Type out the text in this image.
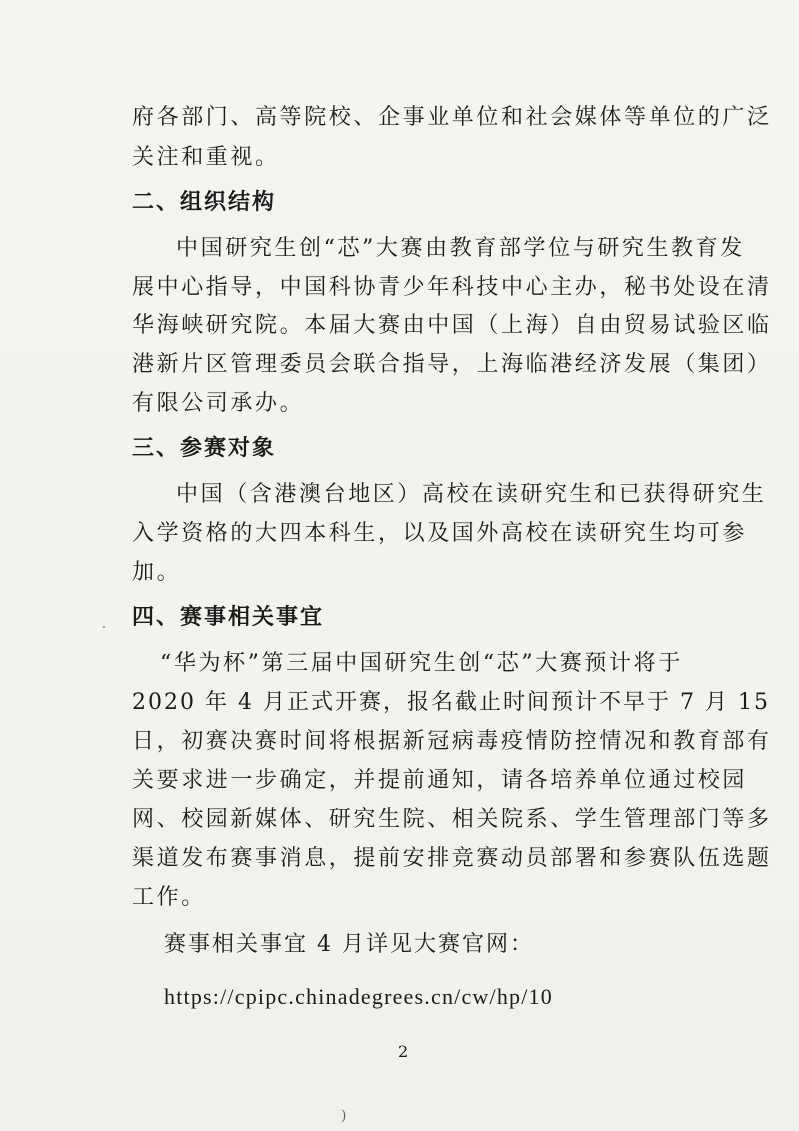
府各部门、高等院校、企事业单位和社会媒体等单位的广泛
关注和重视。
二、组织结构
中国研究生创“芯”大赛由教育部学位与研究生教育发
展中心指导，中国科协青少年科技中心主办，秘书处设在清
华海峡研究院。本届大赛由中国（上海）自由贸易试验区临
港新片区管理委员会联合指导，上海临港经济发展（集团）
有限公司承办。
三、参赛对象
中国（含港澳台地区）高校在读研究生和已获得研究生
入学资格的大四本科生，以及国外高校在读研究生均可参
加。
四、赛事相关事宜
“华为杯”第三届中国研究生创“芯”大赛预计将于
2020 年 4 月正式开赛，报名截止时间预计不早于 7 月 15
日，初赛决赛时间将根据新冠病毒疫情防控情况和教育部有
关要求进一步确定，并提前通知，请各培养单位通过校园
网、校园新媒体、研究生院、相关院系、学生管理部门等多
渠道发布赛事消息，提前安排竞赛动员部署和参赛队伍选题
工作。
赛事相关事宜 4 月详见大赛官网：
https://cpipc.chinadegrees.cn/cw/hp/10
2
)
